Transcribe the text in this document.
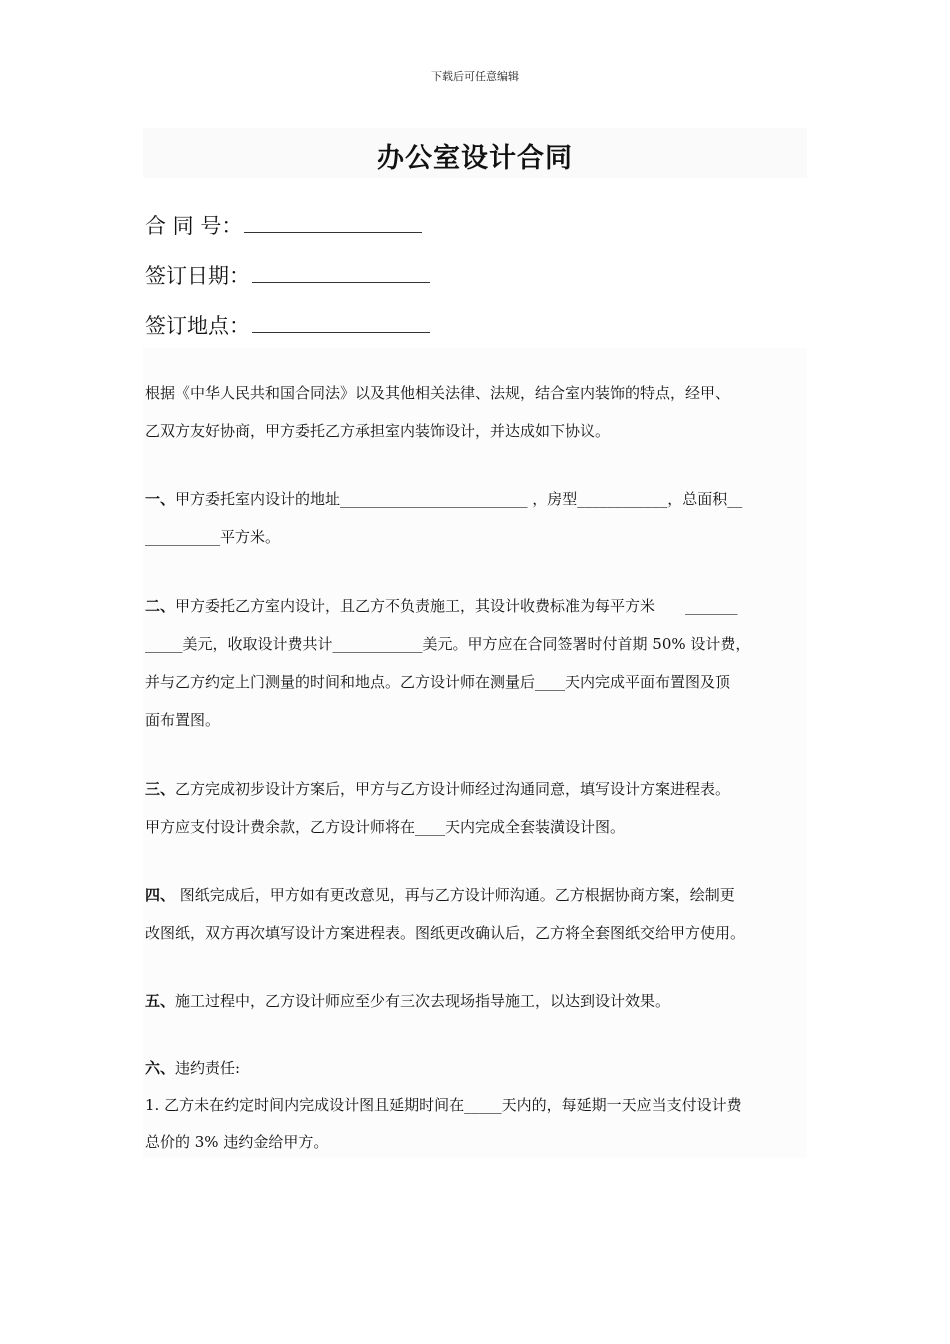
下载后可任意编辑
办公室设计合同
合 同 号：
签订日期：
签订地点：
根据《中华人民共和国合同法》以及其他相关法律、法规，结合室内装饰的特点，经甲、
乙双方友好协商，甲方委托乙方承担室内装饰设计，并达成如下协议。
一、甲方委托室内设计的地址_________________________ ，房型____________，总面积__
__________平方米。
二、甲方委托乙方室内设计，且乙方不负责施工，其设计收费标准为每平方米　　_______
_____美元，收取设计费共计____________美元。甲方应在合同签署时付首期 50% 设计费，
并与乙方约定上门测量的时间和地点。乙方设计师在测量后____天内完成平面布置图及顶
面布置图。
三、乙方完成初步设计方案后，甲方与乙方设计师经过沟通同意，填写设计方案进程表。
甲方应支付设计费余款，乙方设计师将在____天内完成全套装潢设计图。
四、 图纸完成后，甲方如有更改意见，再与乙方设计师沟通。乙方根据协商方案，绘制更
改图纸，双方再次填写设计方案进程表。图纸更改确认后，乙方将全套图纸交给甲方使用。
五、施工过程中，乙方设计师应至少有三次去现场指导施工，以达到设计效果。
六、违约责任:
1. 乙方未在约定时间内完成设计图且延期时间在_____天内的，每延期一天应当支付设计费
总价的 3% 违约金给甲方。
